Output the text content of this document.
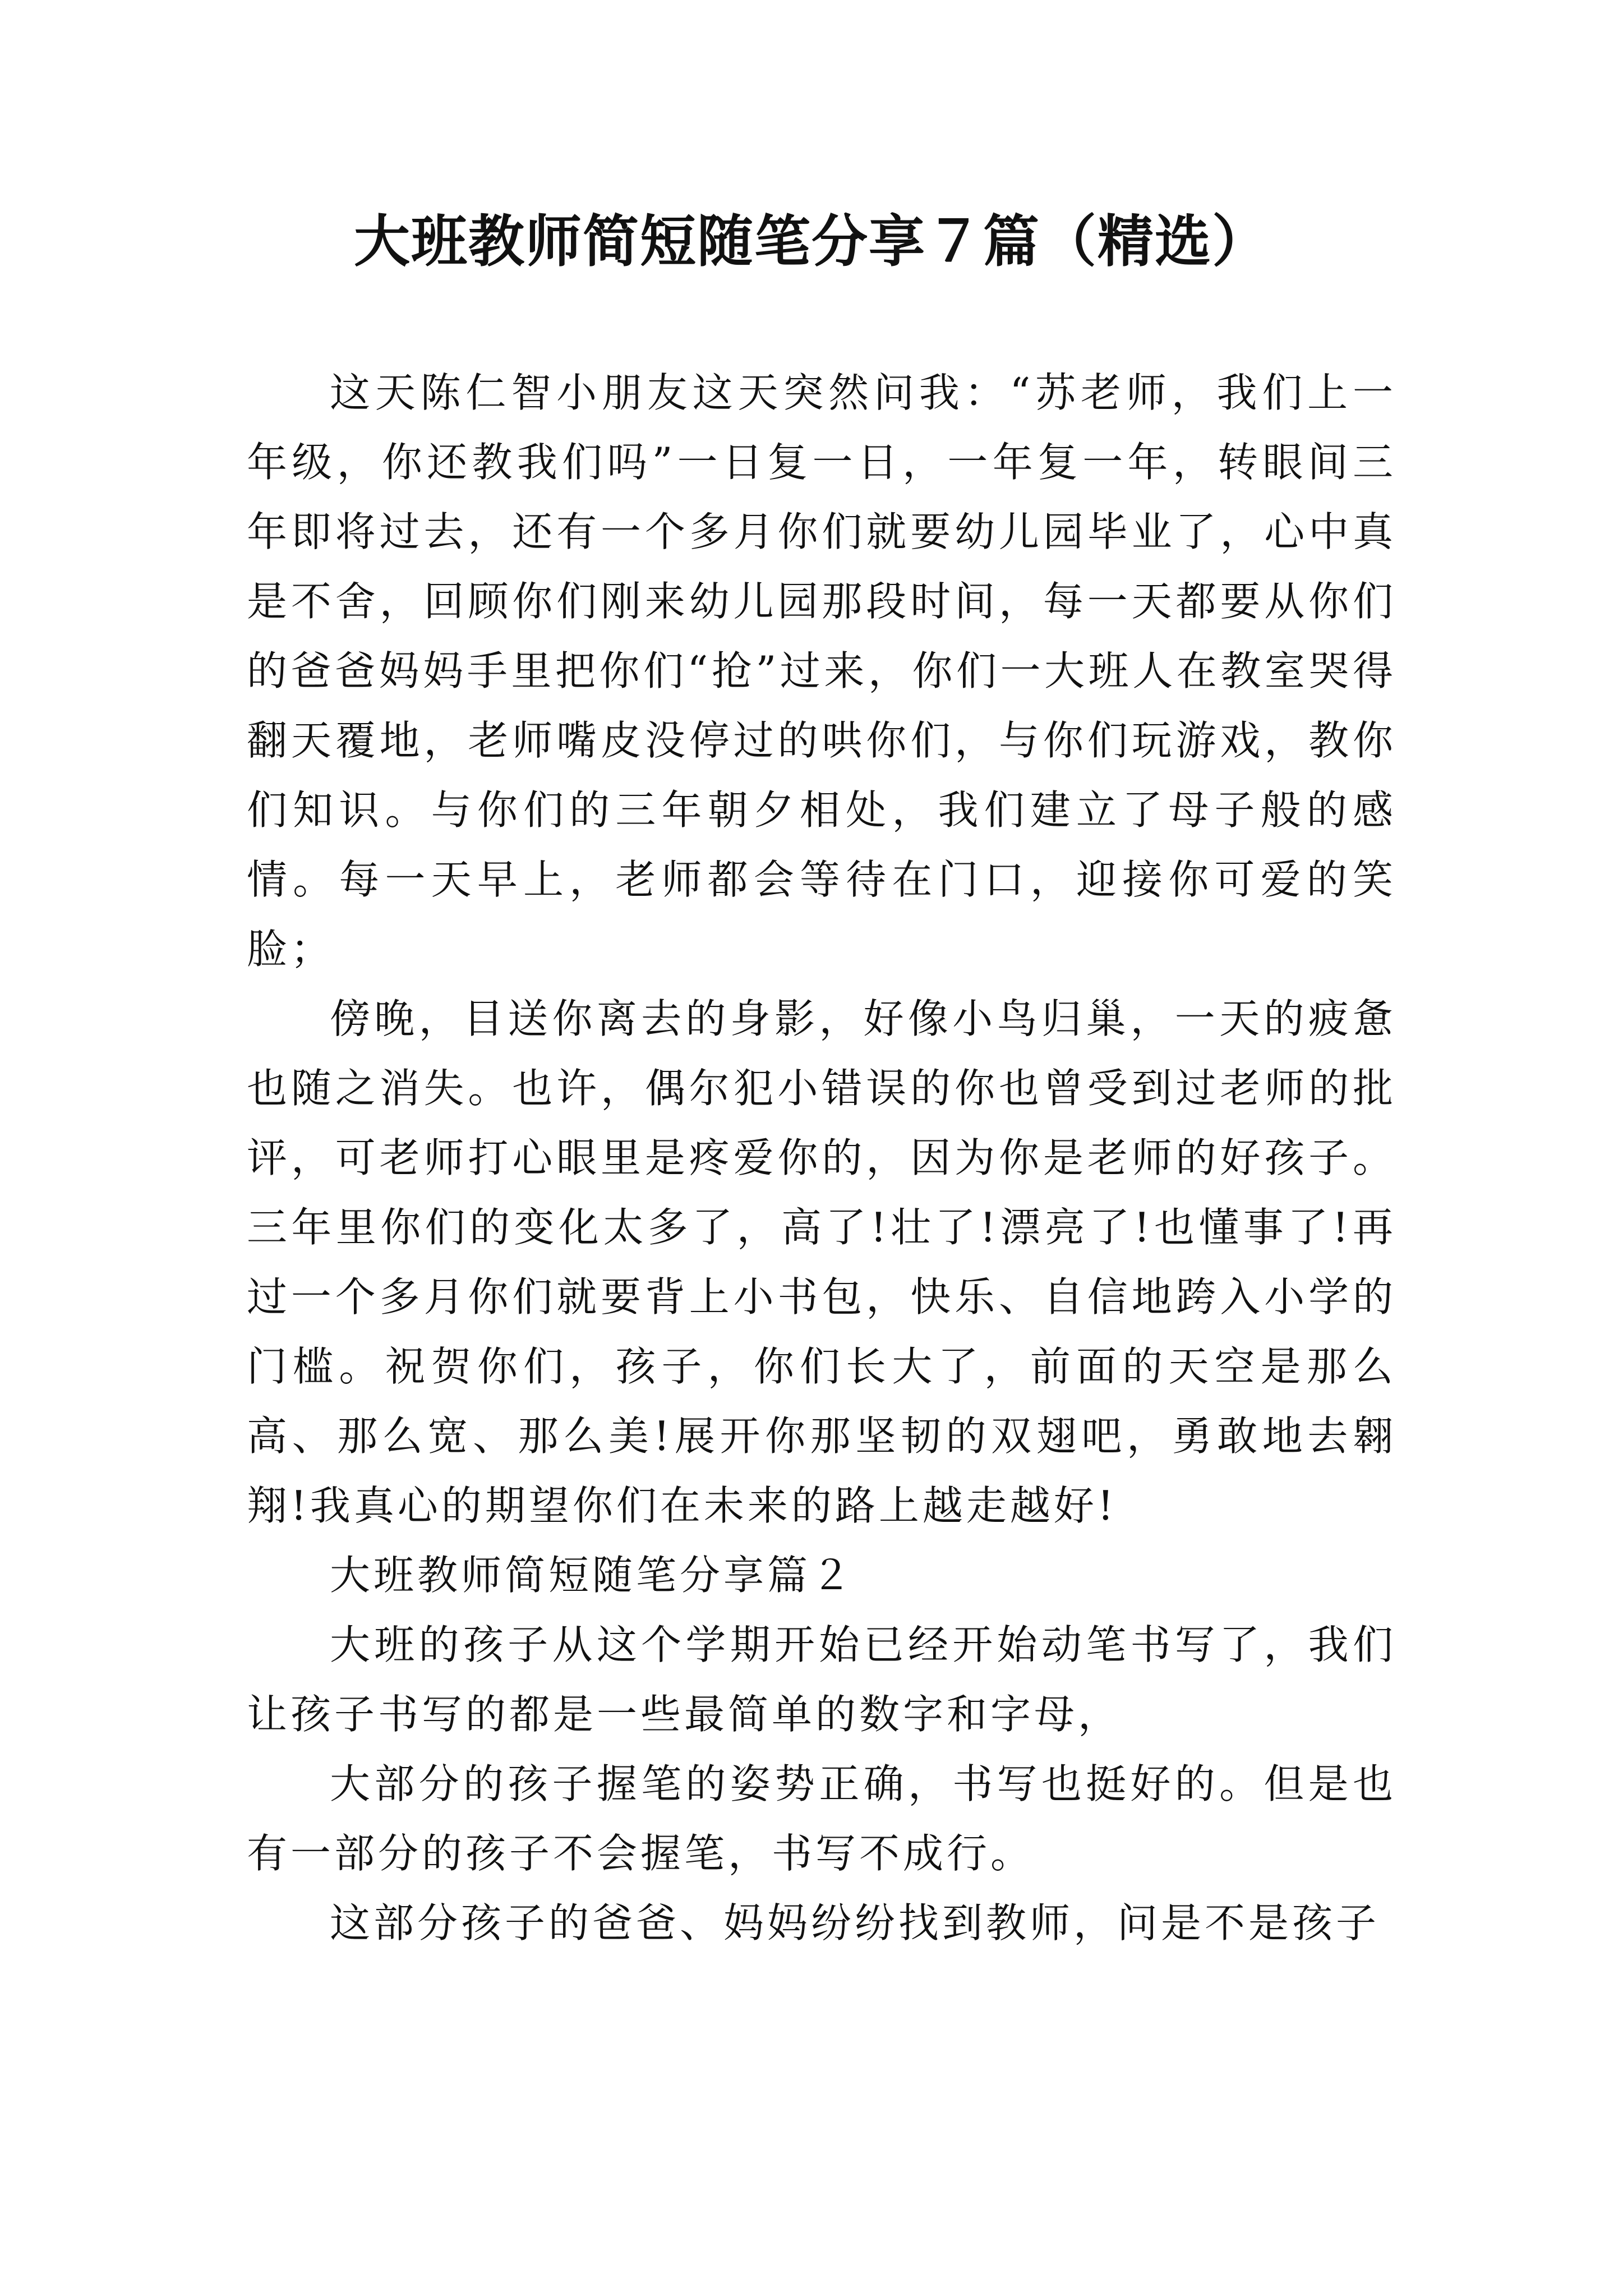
大班教师简短随笔分享７篇（精选）

这天陈仁智小朋友这天突然问我：“苏老师，我们上一年级，你还教我们吗”一日复一日，一年复一年，转眼间三年即将过去，还有一个多月你们就要幼儿园毕业了，心中真是不舍，回顾你们刚来幼儿园那段时间，每一天都要从你们的爸爸妈妈手里把你们“抢”过来，你们一大班人在教室哭得翻天覆地，老师嘴皮没停过的哄你们，与你们玩游戏，教你们知识。与你们的三年朝夕相处，我们建立了母子般的感情。每一天早上，老师都会等待在门口，迎接你可爱的笑脸；

傍晚，目送你离去的身影，好像小鸟归巢，一天的疲惫也随之消失。也许，偶尔犯小错误的你也曾受到过老师的批评，可老师打心眼里是疼爱你的，因为你是老师的好孩子。三年里你们的变化太多了，高了!壮了!漂亮了!也懂事了!再过一个多月你们就要背上小书包，快乐、自信地跨入小学的门槛。祝贺你们，孩子，你们长大了，前面的天空是那么高、那么宽、那么美!展开你那坚韧的双翅吧，勇敢地去翱翔!我真心的期望你们在未来的路上越走越好!

大班教师简短随笔分享篇２

大班的孩子从这个学期开始已经开始动笔书写了，我们让孩子书写的都是一些最简单的数字和字母，

大部分的孩子握笔的姿势正确，书写也挺好的。但是也有一部分的孩子不会握笔，书写不成行。

这部分孩子的爸爸、妈妈纷纷找到教师，问是不是孩子
